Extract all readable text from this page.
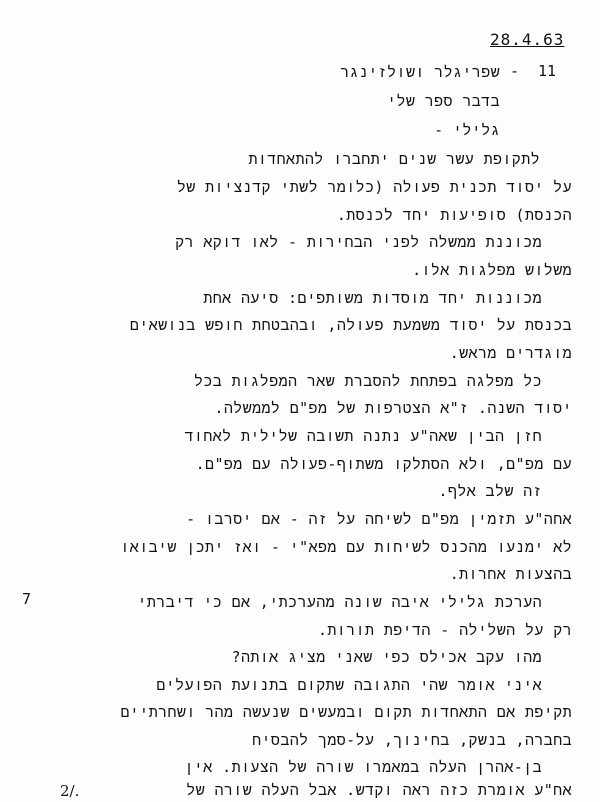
28.4.63
11
-
שפריגלר ושולזינגר
בדבר ספר שלי
גלילי -
לתקופת עשר שנים יתחברו להתאחדות
על יסוד תכנית פעולה (כלומר לשתי קדנציות של
הכנסת) סופיעות יחד לכנסת.
מכוננת ממשלה לפני הבחירות - לאו דוקא רק
משלוש מפלגות אלו.
מכוננות יחד מוסדות משותפים: סיעה אחת
בכנסת על יסוד משמעת פעולה, ובהבטחת חופש בנושאים
מוגדרים מראש.
כל מפלגה בפתחת להסברת שאר המפלגות בכל
יסוד השנה. ז"א הצטרפות של מפ"ם לממשלה.
חזן הבין שאה"ע נתנה תשובה שלילית לאחוד
עם מפ"ם, ולא הסתלקו משתוף-פעולה עם מפ"ם.
זה שלב אלף.
אחה"ע תזמין מפ"ם לשיחה על זה - אם יסרבו -
לא ימנעו מהכנס לשיחות עם מפא"י - ואז יתכן שיבואו
בהצעות אחרות.
7	הערכת גלילי איבה שונה מהערכתי, אם כי דיברתי
רק על השלילה - הדיפת תורות.
מהו עקב אכילס כפי שאני מציג אותה?
איני אומר שהי התגובה שתקום בתנועת הפועלים
תקיפת אם התאחדות תקום ובמעשים שנעשה מהר ושחרתיים
בחברה, בנשק, בחינוך, על-סמך להבסיח
בן-אהרן העלה במאמרו שורה של הצעות. אין
אח"ע אומרת כזה ראה וקדש. אבל העלה שורה של
2/.
